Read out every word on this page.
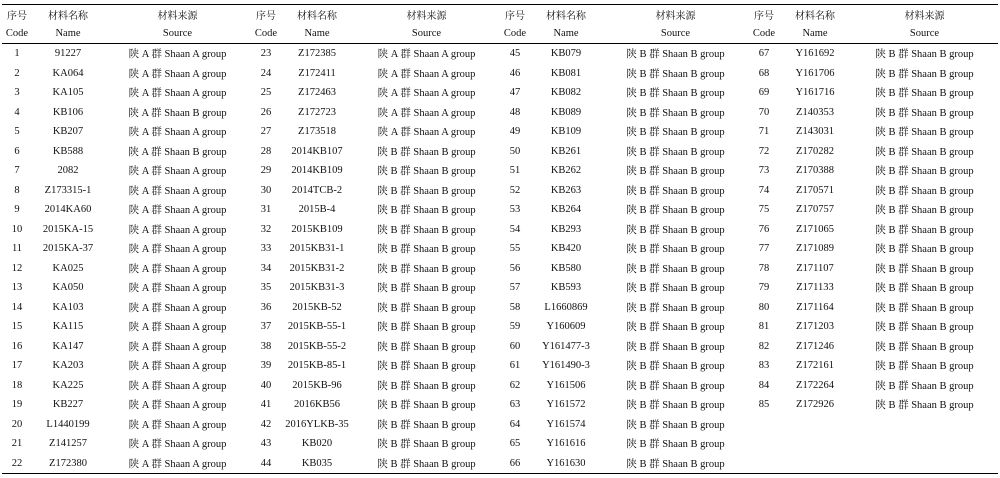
序号	材料名称	材料来源	序号	材料名称	材料来源	序号	材料名称	材料来源	序号	材料名称	材料来源
Code	Name	Source	Code	Name	Source	Code	Name	Source	Code	Name	Source
1	91227	陕 A 群 Shaan A group	23	Z172385	陕 A 群 Shaan A group	45	KB079	陕 B 群 Shaan B group	67	Y161692	陕 B 群 Shaan B group
2	KA064	陕 A 群 Shaan A group	24	Z172411	陕 A 群 Shaan A group	46	KB081	陕 B 群 Shaan B group	68	Y161706	陕 B 群 Shaan B group
3	KA105	陕 A 群 Shaan A group	25	Z172463	陕 A 群 Shaan A group	47	KB082	陕 B 群 Shaan B group	69	Y161716	陕 B 群 Shaan B group
4	KB106	陕 A 群 Shaan B group	26	Z172723	陕 A 群 Shaan A group	48	KB089	陕 B 群 Shaan B group	70	Z140353	陕 B 群 Shaan B group
5	KB207	陕 A 群 Shaan A group	27	Z173518	陕 A 群 Shaan A group	49	KB109	陕 B 群 Shaan B group	71	Z143031	陕 B 群 Shaan B group
6	KB588	陕 A 群 Shaan B group	28	2014KB107	陕 B 群 Shaan B group	50	KB261	陕 B 群 Shaan B group	72	Z170282	陕 B 群 Shaan B group
7	2082	陕 A 群 Shaan A group	29	2014KB109	陕 B 群 Shaan B group	51	KB262	陕 B 群 Shaan B group	73	Z170388	陕 B 群 Shaan B group
8	Z173315-1	陕 A 群 Shaan A group	30	2014TCB-2	陕 B 群 Shaan B group	52	KB263	陕 B 群 Shaan B group	74	Z170571	陕 B 群 Shaan B group
9	2014KA60	陕 A 群 Shaan A group	31	2015B-4	陕 B 群 Shaan B group	53	KB264	陕 B 群 Shaan B group	75	Z170757	陕 B 群 Shaan B group
10	2015KA-15	陕 A 群 Shaan A group	32	2015KB109	陕 B 群 Shaan B group	54	KB293	陕 B 群 Shaan B group	76	Z171065	陕 B 群 Shaan B group
11	2015KA-37	陕 A 群 Shaan A group	33	2015KB31-1	陕 B 群 Shaan B group	55	KB420	陕 B 群 Shaan B group	77	Z171089	陕 B 群 Shaan B group
12	KA025	陕 A 群 Shaan A group	34	2015KB31-2	陕 B 群 Shaan B group	56	KB580	陕 B 群 Shaan B group	78	Z171107	陕 B 群 Shaan B group
13	KA050	陕 A 群 Shaan A group	35	2015KB31-3	陕 B 群 Shaan B group	57	KB593	陕 B 群 Shaan B group	79	Z171133	陕 B 群 Shaan B group
14	KA103	陕 A 群 Shaan A group	36	2015KB-52	陕 B 群 Shaan B group	58	L1660869	陕 B 群 Shaan B group	80	Z171164	陕 B 群 Shaan B group
15	KA115	陕 A 群 Shaan A group	37	2015KB-55-1	陕 B 群 Shaan B group	59	Y160609	陕 B 群 Shaan B group	81	Z171203	陕 B 群 Shaan B group
16	KA147	陕 A 群 Shaan A group	38	2015KB-55-2	陕 B 群 Shaan B group	60	Y161477-3	陕 B 群 Shaan B group	82	Z171246	陕 B 群 Shaan B group
17	KA203	陕 A 群 Shaan A group	39	2015KB-85-1	陕 B 群 Shaan B group	61	Y161490-3	陕 B 群 Shaan B group	83	Z172161	陕 B 群 Shaan B group
18	KA225	陕 A 群 Shaan A group	40	2015KB-96	陕 B 群 Shaan B group	62	Y161506	陕 B 群 Shaan B group	84	Z172264	陕 B 群 Shaan B group
19	KB227	陕 A 群 Shaan A group	41	2016KB56	陕 B 群 Shaan B group	63	Y161572	陕 B 群 Shaan B group	85	Z172926	陕 B 群 Shaan B group
20	L1440199	陕 A 群 Shaan A group	42	2016YLKB-35	陕 B 群 Shaan B group	64	Y161574	陕 B 群 Shaan B group			
21	Z141257	陕 A 群 Shaan A group	43	KB020	陕 B 群 Shaan B group	65	Y161616	陕 B 群 Shaan B group			
22	Z172380	陕 A 群 Shaan A group	44	KB035	陕 B 群 Shaan B group	66	Y161630	陕 B 群 Shaan B group			
